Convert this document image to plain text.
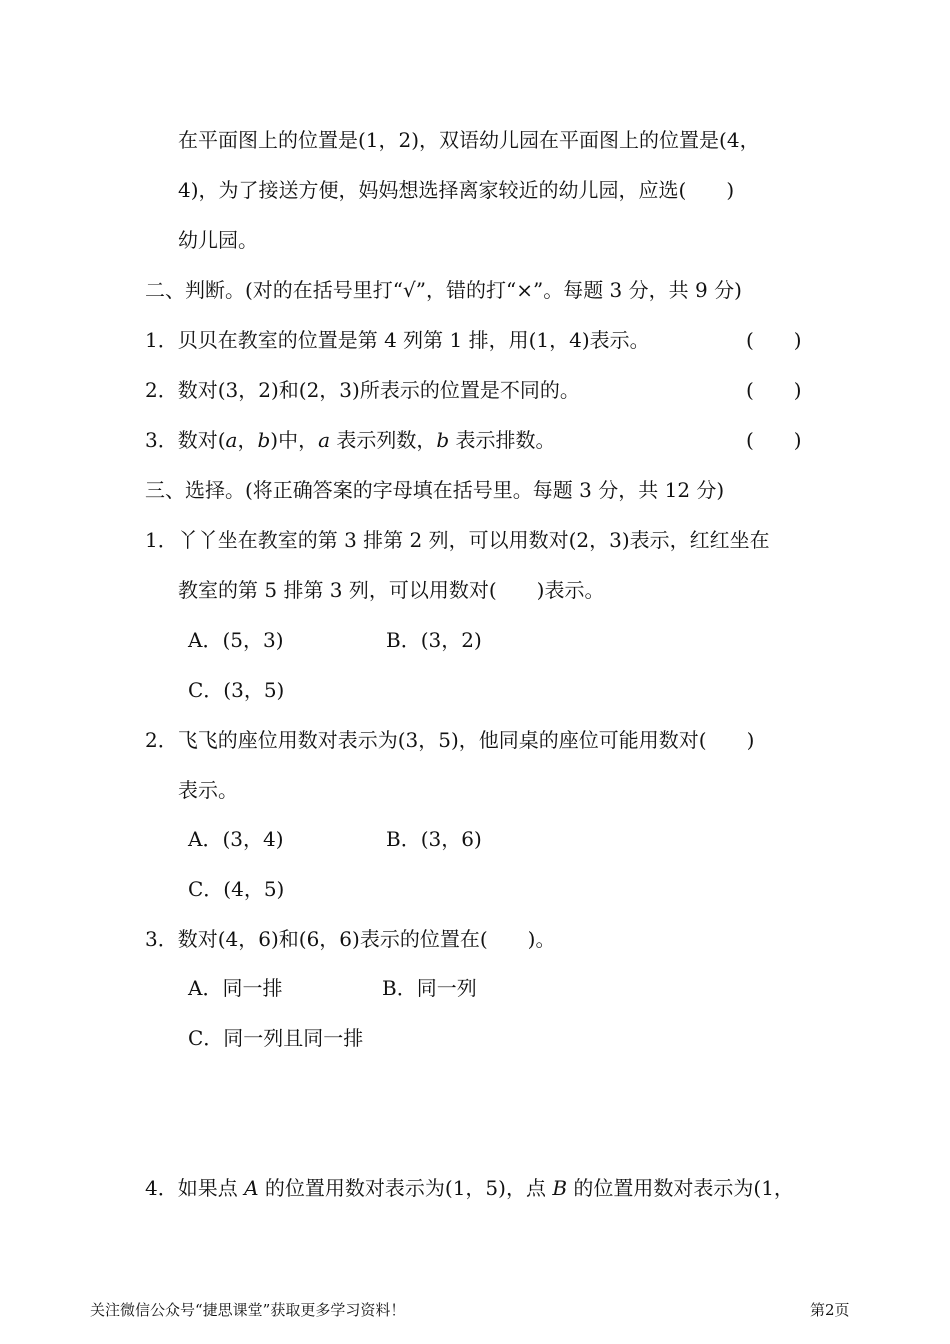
在平面图上的位置是(1，2)，双语幼儿园在平面图上的位置是(4，
4)，为了接送方便，妈妈想选择离家较近的幼儿园，应选(　　)
幼儿园。
二、判断。(对的在括号里打“√”，错的打“×”。每题 3 分，共 9 分)
1．贝贝在教室的位置是第 4 列第 1 排，用(1，4)表示。	(　　)
2．数对(3，2)和(2，3)所表示的位置是不同的。	(　　)
3．数对(a，b)中，a 表示列数，b 表示排数。	(　　)
三、选择。(将正确答案的字母填在括号里。每题 3 分，共 12 分)
1．丫丫坐在教室的第 3 排第 2 列，可以用数对(2，3)表示，红红坐在
教室的第 5 排第 3 列，可以用数对(　　)表示。
A．(5，3)	B．(3，2)
C．(3，5)
2．飞飞的座位用数对表示为(3，5)，他同桌的座位可能用数对(　　)
表示。
A．(3，4)	B．(3，6)
C．(4，5)
3．数对(4，6)和(6，6)表示的位置在(　　)。
A．同一排	B．同一列
C．同一列且同一排
4．如果点 A 的位置用数对表示为(1，5)，点 B 的位置用数对表示为(1，
关注微信公众号“捷思课堂”获取更多学习资料！	第2页
